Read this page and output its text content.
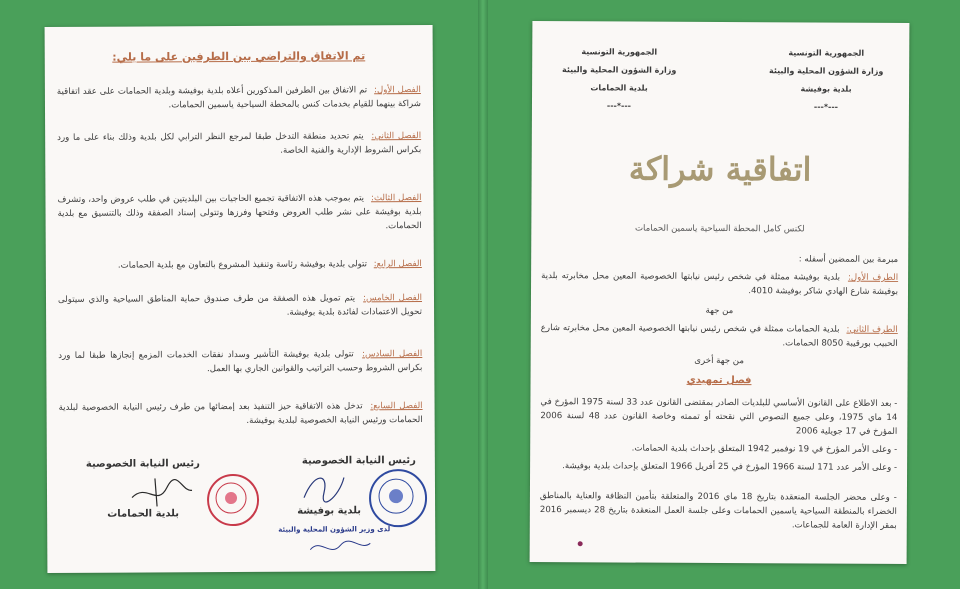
تم الاتفاق والتراضي بين الطرفين على ما يلي:
الفصل الأول: تم الاتفاق بين الطرفين المذكورين أعلاه بلدية بوفيشة وبلدية الحمامات على عقد اتفاقية شراكة بينهما للقيام بخدمات كنس بالمحطة السياحية ياسمين الحمامات.
الفصل الثاني: يتم تحديد منطقة التدخل طبقا لمرجع النظر الترابي لكل بلدية وذلك بناء على ما ورد بكراس الشروط الإدارية والفنية الخاصة.
الفصل الثالث: يتم بموجب هذه الاتفاقية تجميع الحاجيات بين البلديتين في طلب عروض واحد، وتشرف بلدية بوفيشة على نشر طلب العروض وفتحها وفرزها وتتولى إسناد الصفقة وذلك بالتنسيق مع بلدية الحمامات.
الفصل الرابع: تتولى بلدية بوفيشة رئاسة وتنفيذ المشروع بالتعاون مع بلدية الحمامات.
الفصل الخامس: يتم تمويل هذه الصفقة من طرف صندوق حماية المناطق السياحية والذي سيتولى تحويل الاعتمادات لفائدة بلدية بوفيشة.
الفصل السادس: تتولى بلدية بوفيشة التأشير وسداد نفقات الخدمات المزمع إنجازها طبقا لما ورد بكراس الشروط وحسب التراتيب والقوانين الجاري بها العمل.
الفصل السابع: تدخل هذه الاتفاقية حيز التنفيذ بعد إمضائها من طرف رئيس النيابة الخصوصية لبلدية الحمامات ورئيس النيابة الخصوصية لبلدية بوفيشة.
رئيس النيابة الخصوصية
رئيس النيابة الخصوصية
بلدية بوفيشة
بلدية الحمامات
لدى وزير الشؤون المحلية والبيئة
الجمهورية التونسية
وزارة الشؤون المحلية والبيئة
بلدية بوفيشة
---*---
الجمهورية التونسية
وزارة الشؤون المحلية والبيئة
بلدية الحمامات
---*---
اتفاقية شراكة
لكنس كامل المحطة السياحية ياسمين الحمامات
مبرمة بين الممضين أسفله :
الطرف الأول: بلدية بوفيشة ممثلة في شخص رئيس نيابتها الخصوصية المعين محل مخابرته بلدية بوفيشة شارع الهادي شاكر بوفيشة 4010.
من جهة
الطرف الثاني: بلدية الحمامات ممثلة في شخص رئيس نيابتها الخصوصية المعين محل مخابرته شارع الحبيب بورقيبة 8050 الحمامات.
من جهة أخرى
فصل تمهيدي
- بعد الاطلاع على القانون الأساسي للبلديات الصادر بمقتضى القانون عدد 33 لسنة 1975 المؤرخ في 14 ماي 1975، وعلى جميع النصوص التي نقحته أو تممته وخاصة القانون عدد 48 لسنة 2006 المؤرخ في 17 جويلية 2006
- وعلى الأمر المؤرخ في 19 نوفمبر 1942 المتعلق بإحداث بلدية الحمامات.
- وعلى الأمر عدد 171 لسنة 1966 المؤرخ في 25 أفريل 1966 المتعلق بإحداث بلدية بوفيشة.
- وعلى محضر الجلسة المنعقدة بتاريخ 18 ماي 2016 والمتعلقة بتأمين النظافة والعناية بالمناطق الخضراء بالمنطقة السياحية ياسمين الحمامات وعلى جلسة العمل المنعقدة بتاريخ 28 ديسمبر 2016 بمقر الإدارة العامة للجماعات.
